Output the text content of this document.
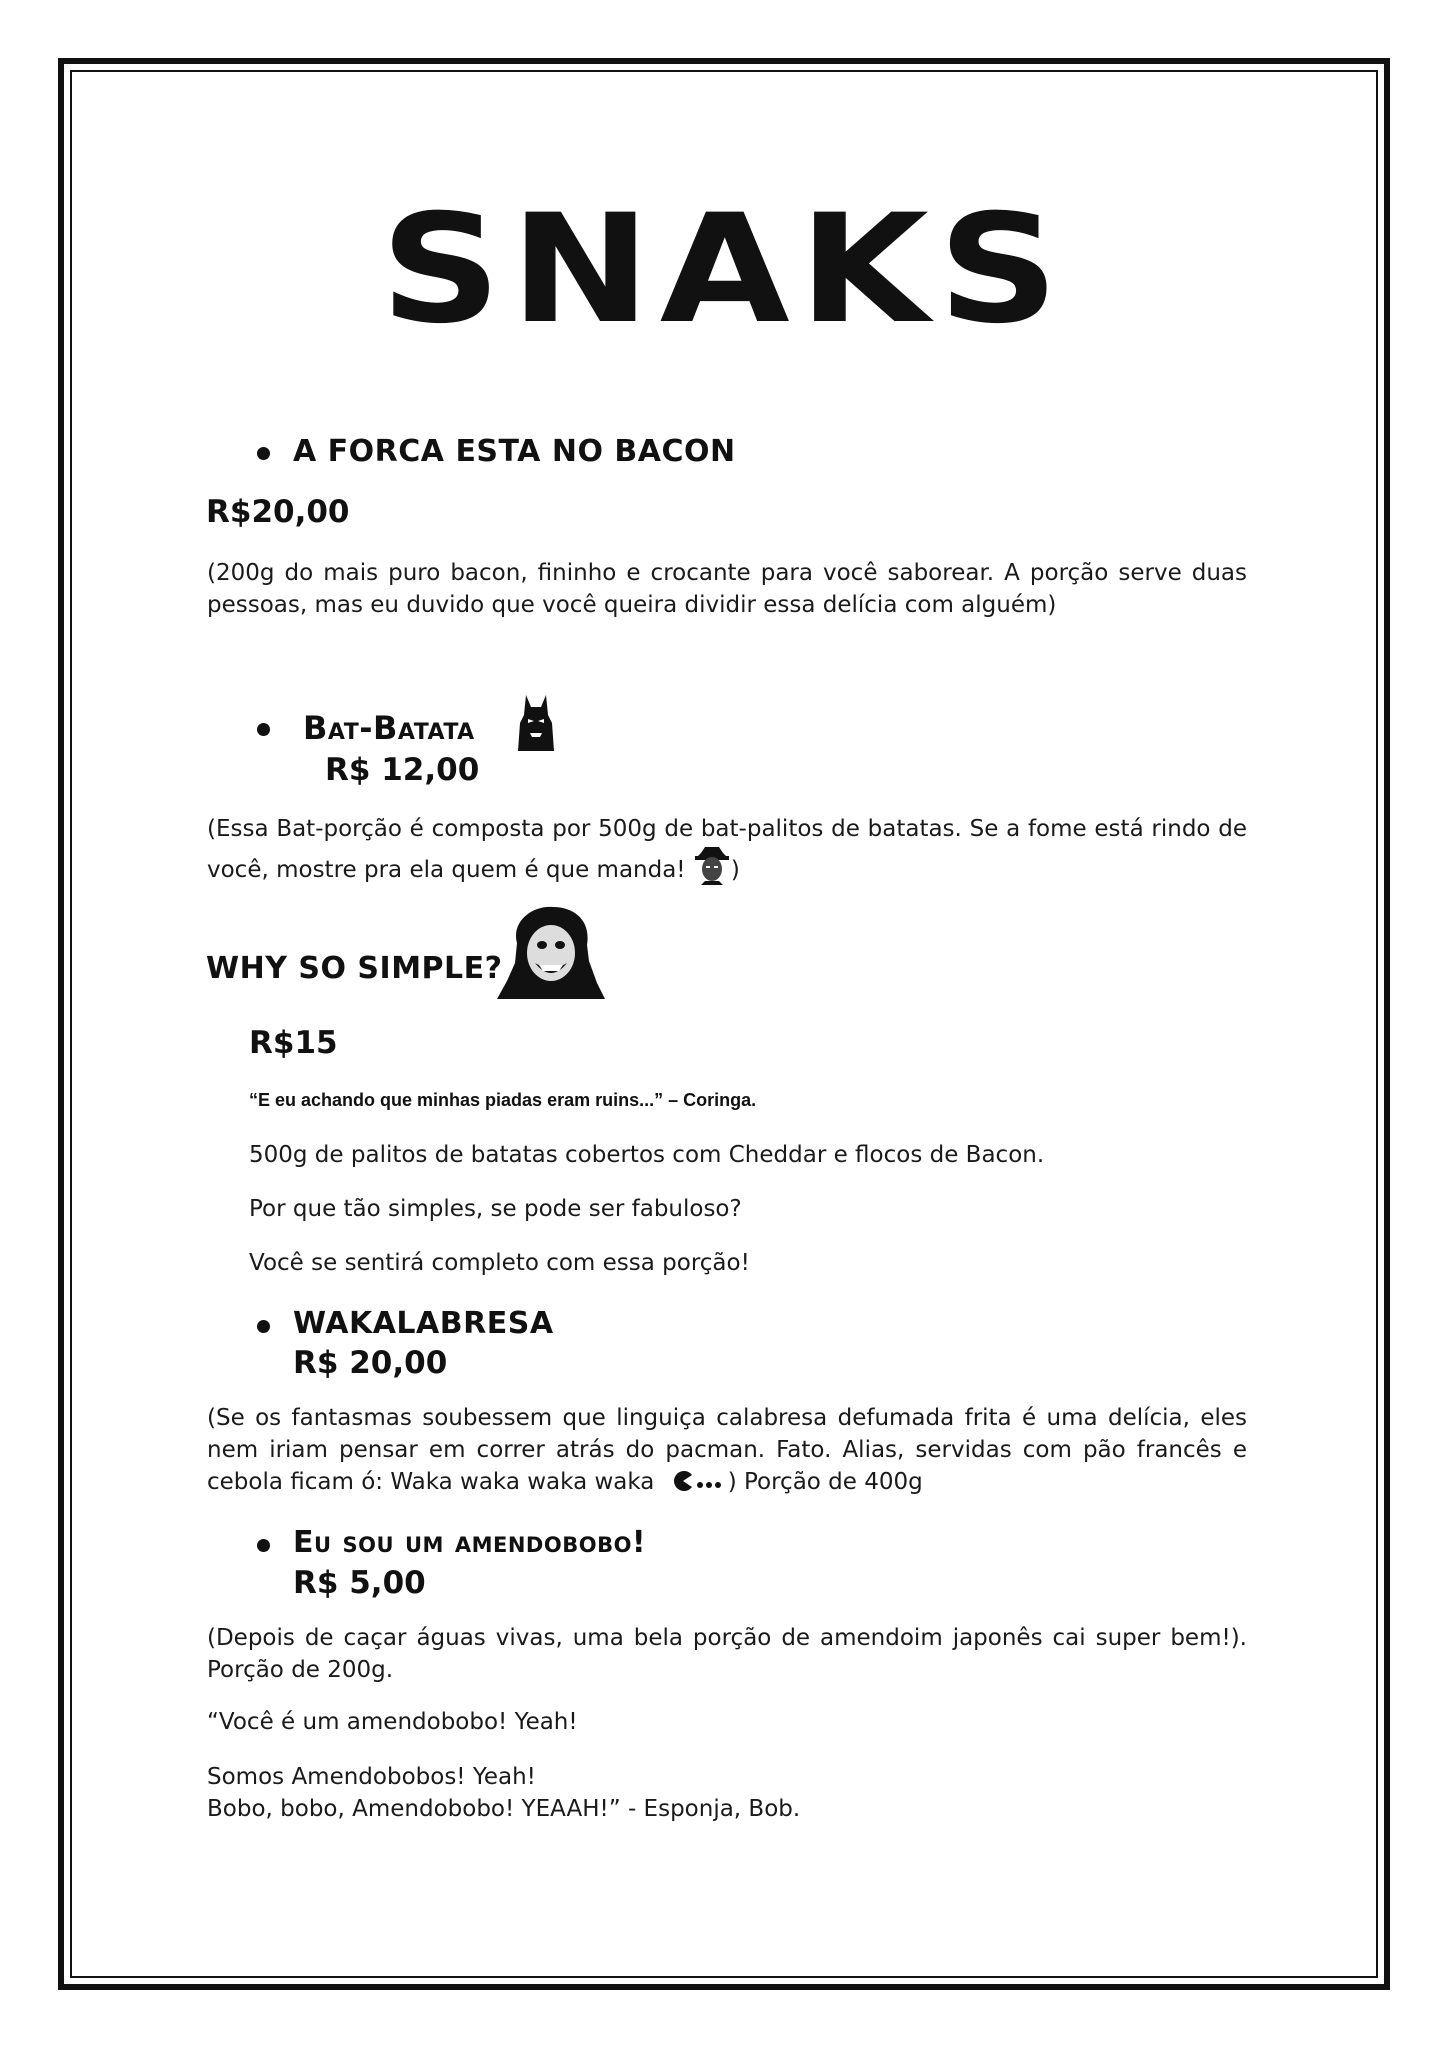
SNAKS
A FORCA ESTA NO BACON
R$20,00
(200g do mais puro bacon, fininho e crocante para você saborear. A porção serve duas pessoas, mas eu duvido que você queira dividir essa delícia com alguém)
Bat-Batata
R$ 12,00
(Essa Bat-porção é composta por 500g de bat-palitos de batatas. Se a fome está rindo de você, mostre pra ela quem é que manda! )
WHY SO SIMPLE?
R$15
“E eu achando que minhas piadas eram ruins...” – Coringa.
500g de palitos de batatas cobertos com Cheddar e flocos de Bacon.
Por que tão simples, se pode ser fabuloso?
Você se sentirá completo com essa porção!
WAKALABRESA
R$ 20,00
(Se os fantasmas soubessem que linguiça calabresa defumada frita é uma delícia, eles nem iriam pensar em correr atrás do pacman. Fato. Alias, servidas com pão francês e cebola ficam ó: Waka waka waka waka	) Porção de 400g
Eu sou um amendobobo!
R$ 5,00
(Depois de caçar águas vivas, uma bela porção de amendoim japonês cai super bem!). Porção de 200g.
“Você é um amendobobo! Yeah!
Somos Amendobobos! Yeah!
Bobo, bobo, Amendobobo! YEAAH!” - Esponja, Bob.
